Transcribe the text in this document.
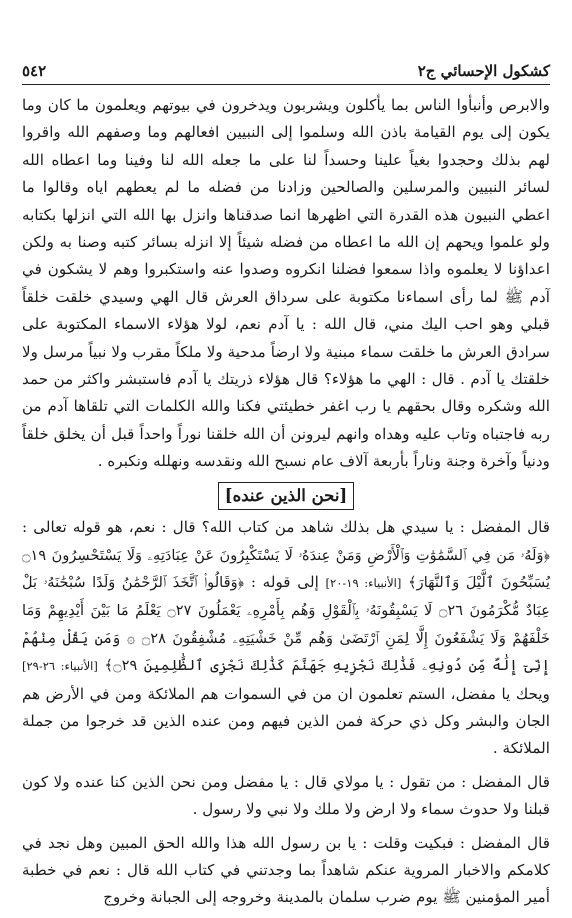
كشكول الإحسائي ج٢
٥٤٢

والابرص وأنبأوا الناس بما يأكلون ويشربون ويدخرون في بيوتهم ويعلمون ما كان وما يكون إلى يوم القيامة باذن الله وسلموا إلى النبيين افعالهم وما وصفهم الله واقروا لهم بذلك وحجدوا بغياً علينا وحسداً لنا على ما جعله الله لنا وفينا وما اعطاه الله لسائر النبيين والمرسلين والصالحين وزادنا من فضله ما لم يعطهم اياه وقالوا ما اعطي النبيون هذه القدرة التي اظهرها انما صدقناها وانزل بها الله التي انزلها بكتابه ولو علموا ويحهم إن الله ما اعطاه من فضله شيئاً إلا انزله بسائر كتبه وصنا به ولكن اعداؤنا لا يعلموه واذا سمعوا فضلنا انكروه وصدوا عنه واستكبروا وهم لا يشكون في آدم ﷺ لما رأى اسماءنا مكتوبة على سرداق العرش قال الهي وسيدي خلقت خلقاً قبلي وهو احب اليك مني، قال الله : يا آدم نعم، لولا هؤلاء الاسماء المكتوبة على سرادق العرش ما خلقت سماء مبنية ولا ارضاً مدحية ولا ملكاً مقرب ولا نبياً مرسل ولا خلقتك يا آدم . قال : الهي ما هؤلاء؟ قال هؤلاء ذريتك يا آدم فاستبشر واكثر من حمد الله وشكره وقال بحقهم يا رب اغفر خطيئتي فكنا والله الكلمات التي تلقاها آدم من ربه فاجتباه وتاب عليه وهداه وانهم ليرونن أن الله خلقنا نوراً واحداً قبل أن يخلق خلقاً ودنياً وآخرة وجنة وناراً بأربعة آلاف عام نسبح الله ونقدسه ونهلله ونكبره .

[نحن الذين عنده]

قال المفضل : يا سيدي هل بذلك شاهد من كتاب الله؟ قال : نعم، هو قوله تعالى : ﴿وَلَهُۥ مَن فِي ٱلسَّمَٰوَٰتِ وَٱلْأَرْضِ وَمَنْ عِندَهُۥ لَا يَسْتَكْبِرُونَ عَنْ عِبَادَتِهِۦ وَلَا يَسْتَحْسِرُونَ ۝١٩ يُسَبِّحُونَ ٱلَّيْلَ وَٱلنَّهَارَ﴾ [الأنبياء: ١٩-٢٠] إلى قوله : ﴿وَقَالُوا۟ ٱتَّخَذَ ٱلرَّحْمَٰنُ وَلَدًا سُبْحَٰنَهُۥ بَلْ عِبَادٌ مُّكْرَمُونَ ۝٢٦ لَا يَسْبِقُونَهُۥ بِٱلْقَوْلِ وَهُم بِأَمْرِهِۦ يَعْمَلُونَ ۝٢٧ يَعْلَمُ مَا بَيْنَ أَيْدِيهِمْ وَمَا خَلْفَهُمْ وَلَا يَشْفَعُونَ إِلَّا لِمَنِ ٱرْتَضَىٰ وَهُم مِّنْ خَشْيَتِهِۦ مُشْفِقُونَ ۝٢٨ ۞ وَمَن يَقُلْ مِنْهُمْ إِنِّىٓ إِلَٰهٌ مِّن دُونِهِۦ فَذَٰلِكَ نَجْزِيهِ جَهَنَّمَ كَذَٰلِكَ نَجْزِى ٱلظَّٰلِمِينَ ۝٢٩﴾ [الأنبياء: ٢٦-٢٩] ويحك يا مفضل، الستم تعلمون ان من في السموات هم الملائكة ومن في الأرض هم الجان والبشر وكل ذي حركة فمن الذين فيهم ومن عنده الذين قد خرجوا من جملة الملائكة .

قال المفضل : من تقول : يا مولاي قال : يا مفضل ومن نحن الذين كنا عنده ولا كون قبلنا ولا حدوث سماء ولا ارض ولا ملك ولا نبي ولا رسول .

قال المفضل : فبكيت وقلت : يا بن رسول الله هذا والله الحق المبين وهل نجد في كلامكم والاخبار المروية عنكم شاهداً بما وجدتني في كتاب الله قال : نعم في خطبة أمير المؤمنين ﷺ يوم ضرب سلمان بالمدينة وخروجه إلى الجبانة وخروج
